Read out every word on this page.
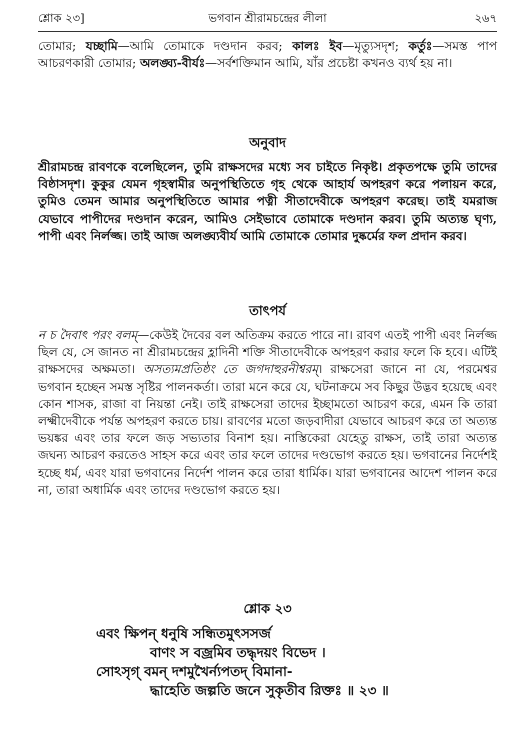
শ্লোক ২৩]	ভগবান শ্রীরামচন্দ্রের লীলা	২৬৭

তোমার; যচ্ছামি—আমি তোমাকে দণ্ডদান করব; কালঃ ইব—মৃত্যুসদৃশ; কর্তুঃ—সমস্ত পাপ আচরণকারী তোমার; অলঙ্ঘ্য-বীর্যঃ—সর্বশক্তিমান আমি, যাঁর প্রচেষ্টা কখনও ব্যর্থ হয় না।

অনুবাদ

শ্রীরামচন্দ্র রাবণকে বলেছিলেন, তুমি রাক্ষসদের মধ্যে সব চাইতে নিকৃষ্ট। প্রকৃতপক্ষে তুমি তাদের বিষ্ঠাসদৃশ। কুকুর যেমন গৃহস্বামীর অনুপস্থিতিতে গৃহ থেকে আহার্য অপহরণ করে পলায়ন করে, তুমিও তেমন আমার অনুপস্থিতিতে আমার পত্নী সীতাদেবীকে অপহরণ করেছ। তাই যমরাজ যেভাবে পাপীদের দণ্ডদান করেন, আমিও সেইভাবে তোমাকে দণ্ডদান করব। তুমি অত্যন্ত ঘৃণ্য, পাপী এবং নির্লজ্জ। তাই আজ অলঙ্ঘ্যবীর্য আমি তোমাকে তোমার দুষ্কর্মের ফল প্রদান করব।

তাৎপর্য

ন চ দৈবাৎ পরং বলম্—কেউই দৈবের বল অতিক্রম করতে পারে না। রাবণ এতই পাপী এবং নির্লজ্জ ছিল যে, সে জানত না শ্রীরামচন্দ্রের হ্লাদিনী শক্তি সীতাদেবীকে অপহরণ করার ফলে কি হবে। এটিই রাক্ষসদের অক্ষমতা। অসত্যমপ্রতিষ্ঠং তে জগদাহুরনীশ্বরম্। রাক্ষসেরা জানে না যে, পরমেশ্বর ভগবান হচ্ছেন সমস্ত সৃষ্টির পালনকর্তা। তারা মনে করে যে, ঘটনাক্রমে সব কিছুর উদ্ভব হয়েছে এবং কোন শাসক, রাজা বা নিয়ন্তা নেই। তাই রাক্ষসেরা তাদের ইচ্ছামতো আচরণ করে, এমন কি তারা লক্ষ্মীদেবীকে পর্যন্ত অপহরণ করতে চায়। রাবণের মতো জড়বাদীরা যেভাবে আচরণ করে তা অত্যন্ত ভয়ঙ্কর এবং তার ফলে জড় সভ্যতার বিনাশ হয়। নাস্তিকেরা যেহেতু রাক্ষস, তাই তারা অত্যন্ত জঘন্য আচরণ করতেও সাহস করে এবং তার ফলে তাদের দণ্ডভোগ করতে হয়। ভগবানের নির্দেশই হচ্ছে ধর্ম, এবং যারা ভগবানের নির্দেশ পালন করে তারা ধার্মিক। যারা ভগবানের আদেশ পালন করে না, তারা অধার্মিক এবং তাদের দণ্ডভোগ করতে হয়।

শ্লোক ২৩

এবং ক্ষিপন্ ধনুষি সন্ধিতমুৎসসর্জ
বাণং স বজ্রমিব তদ্ধৃদয়ং বিভেদ ।
সোঽসৃগ্ বমন্ দশমুখৈর্ন্যপতদ্ বিমানা-
দ্ধাহেতি জল্পতি জনে সুকৃতীব রিক্তঃ ॥ ২৩ ॥
